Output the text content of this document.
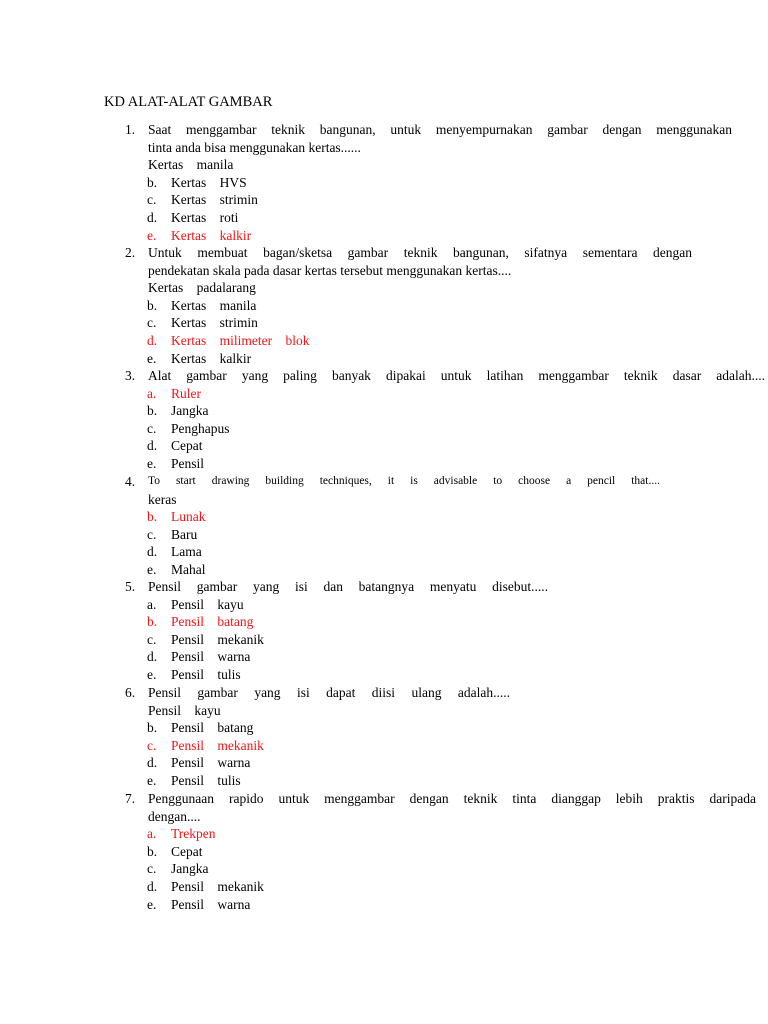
KD ALAT-ALAT GAMBAR
1. Saat menggambar teknik bangunan, untuk menyempurnakan gambar dengan menggunakan
tinta anda bisa menggunakan kertas......
Kertas manila
b. Kertas HVS
c. Kertas strimin
d. Kertas roti
e. Kertas kalkir
2. Untuk membuat bagan/sketsa gambar teknik bangunan, sifatnya sementara dengan
pendekatan skala pada dasar kertas tersebut menggunakan kertas....
Kertas padalarang
b. Kertas manila
c. Kertas strimin
d. Kertas milimeter blok
e. Kertas kalkir
3. Alat gambar yang paling banyak dipakai untuk latihan menggambar teknik dasar adalah....
a. Ruler
b. Jangka
c. Penghapus
d. Cepat
e. Pensil
4. To start drawing building techniques, it is advisable to choose a pencil that....
keras
b. Lunak
c. Baru
d. Lama
e. Mahal
5. Pensil gambar yang isi dan batangnya menyatu disebut.....
a. Pensil kayu
b. Pensil batang
c. Pensil mekanik
d. Pensil warna
e. Pensil tulis
6. Pensil gambar yang isi dapat diisi ulang adalah.....
Pensil kayu
b. Pensil batang
c. Pensil mekanik
d. Pensil warna
e. Pensil tulis
7. Penggunaan rapido untuk menggambar dengan teknik tinta dianggap lebih praktis daripada
dengan....
a. Trekpen
b. Cepat
c. Jangka
d. Pensil mekanik
e. Pensil warna
